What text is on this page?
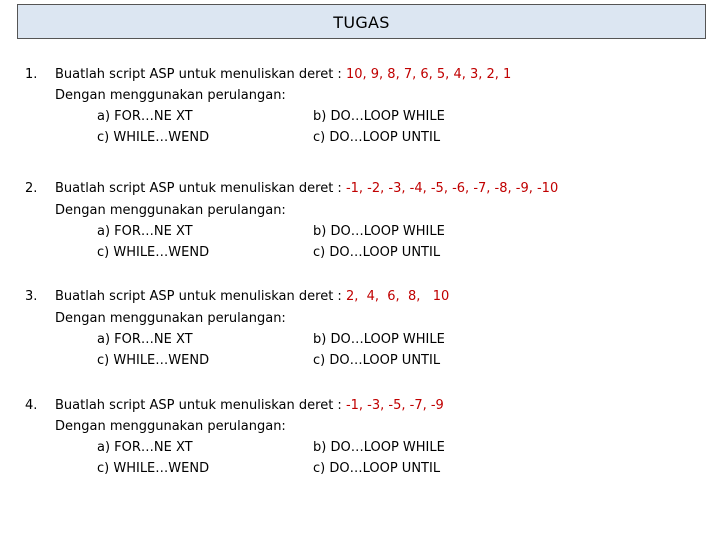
TUGAS
1. Buatlah script ASP untuk menuliskan deret : 10, 9, 8, 7, 6, 5, 4, 3, 2, 1
Dengan menggunakan perulangan:
a) FOR…NE XT	b) DO…LOOP WHILE
c) WHILE…WEND	c) DO…LOOP UNTIL
2. Buatlah script ASP untuk menuliskan deret : -1, -2, -3, -4, -5, -6, -7, -8, -9, -10
Dengan menggunakan perulangan:
a) FOR…NE XT	b) DO…LOOP WHILE
c) WHILE…WEND	c) DO…LOOP UNTIL
3. Buatlah script ASP untuk menuliskan deret : 2,  4,  6,  8,   10
Dengan menggunakan perulangan:
a) FOR…NE XT	b) DO…LOOP WHILE
c) WHILE…WEND	c) DO…LOOP UNTIL
4. Buatlah script ASP untuk menuliskan deret : -1, -3, -5, -7, -9
Dengan menggunakan perulangan:
a) FOR…NE XT	b) DO…LOOP WHILE
c) WHILE…WEND	c) DO…LOOP UNTIL
